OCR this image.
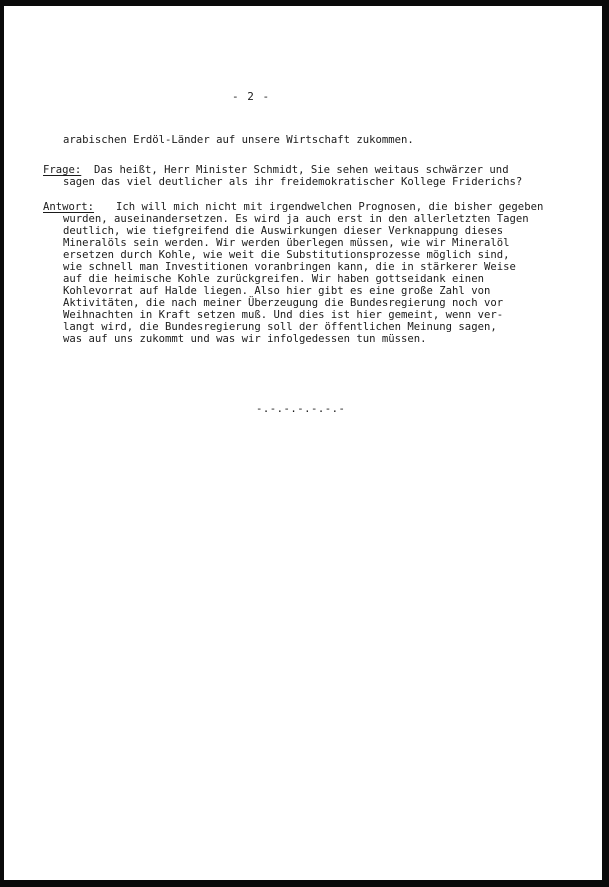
- 2 -
arabischen Erdöl-Länder auf unsere Wirtschaft zukommen.
Frage: Das heißt, Herr Minister Schmidt, Sie sehen weitaus schwärzer und
sagen das viel deutlicher als ihr freidemokratischer Kollege Friderichs?
Antwort: Ich will mich nicht mit irgendwelchen Prognosen, die bisher gegeben
wurden, auseinandersetzen. Es wird ja auch erst in den allerletzten Tagen
deutlich, wie tiefgreifend die Auswirkungen dieser Verknappung dieses
Mineralöls sein werden. Wir werden überlegen müssen, wie wir Mineralöl
ersetzen durch Kohle, wie weit die Substitutionsprozesse möglich sind,
wie schnell man Investitionen voranbringen kann, die in stärkerer Weise
auf die heimische Kohle zurückgreifen. Wir haben gottseidank einen
Kohlevorrat auf Halde liegen. Also hier gibt es eine große Zahl von
Aktivitäten, die nach meiner Überzeugung die Bundesregierung noch vor
Weihnachten in Kraft setzen muß. Und dies ist hier gemeint, wenn ver-
langt wird, die Bundesregierung soll der öffentlichen Meinung sagen,
was auf uns zukommt und was wir infolgedessen tun müssen.
-.-.-.-.-.-.-
